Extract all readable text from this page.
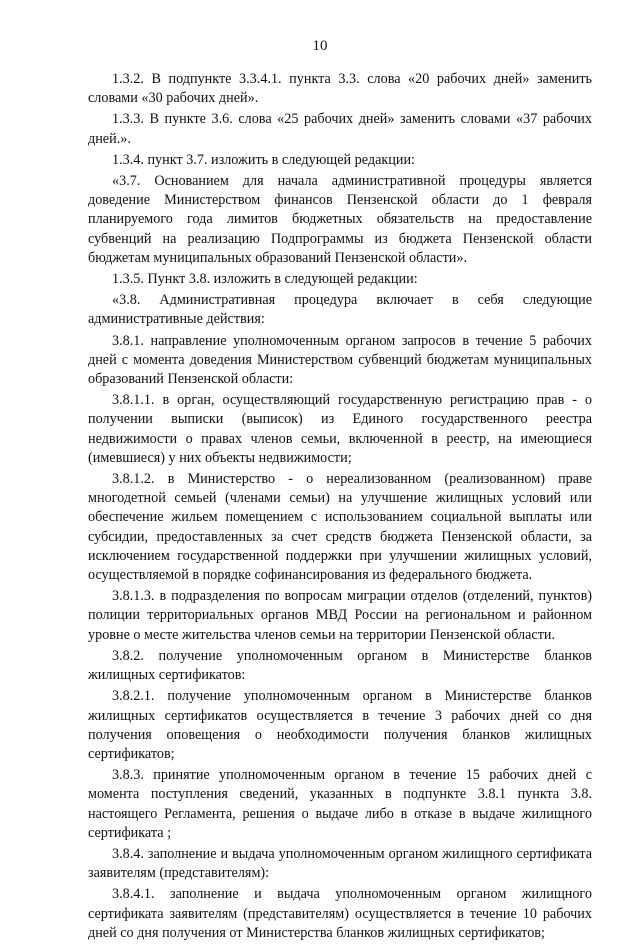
10

1.3.2. В подпункте 3.3.4.1. пункта 3.3. слова «20 рабочих дней» заменить словами «30 рабочих дней».

1.3.3. В пункте 3.6. слова «25 рабочих дней» заменить словами «37 рабочих дней.».

1.3.4. пункт 3.7. изложить в следующей редакции:

«3.7. Основанием для начала административной процедуры является доведение Министерством финансов Пензенской области до 1 февраля планируемого года лимитов бюджетных обязательств на предоставление субвенций на реализацию Подпрограммы из бюджета Пензенской области бюджетам муниципальных образований Пензенской области».

1.3.5. Пункт 3.8. изложить в следующей редакции:

«3.8. Административная процедура включает в себя следующие административные действия:

3.8.1. направление уполномоченным органом запросов в течение 5 рабочих дней с момента доведения Министерством субвенций бюджетам муниципальных образований Пензенской области:

3.8.1.1. в орган, осуществляющий государственную регистрацию прав - о получении выписки (выписок) из Единого государственного реестра недвижимости о правах членов семьи, включенной в реестр, на имеющиеся (имевшиеся) у них объекты недвижимости;

3.8.1.2. в Министерство - о нереализованном (реализованном) праве многодетной семьей (членами семьи) на улучшение жилищных условий или обеспечение жильем помещением с использованием социальной выплаты или субсидии, предоставленных за счет средств бюджета Пензенской области, за исключением государственной поддержки при улучшении жилищных условий, осуществляемой в порядке софинансирования из федерального бюджета.

3.8.1.3. в подразделения по вопросам миграции отделов (отделений, пунктов) полиции территориальных органов МВД России на региональном и районном уровне о месте жительства членов семьи на территории Пензенской области.

3.8.2. получение уполномоченным органом в Министерстве бланков жилищных сертификатов:

3.8.2.1. получение уполномоченным органом в Министерстве бланков жилищных сертификатов осуществляется в течение 3 рабочих дней со дня получения оповещения о необходимости получения бланков жилищных сертификатов;

3.8.3. принятие уполномоченным органом в течение 15 рабочих дней с момента поступления сведений, указанных в подпункте 3.8.1 пункта 3.8. настоящего Регламента, решения о выдаче либо в отказе в выдаче жилищного сертификата ;

3.8.4. заполнение и выдача уполномоченным органом жилищного сертификата заявителям (представителям):

3.8.4.1. заполнение и выдача уполномоченным органом жилищного сертификата заявителям (представителям) осуществляется в течение 10 рабочих дней со дня получения от Министерства бланков жилищных сертификатов;
